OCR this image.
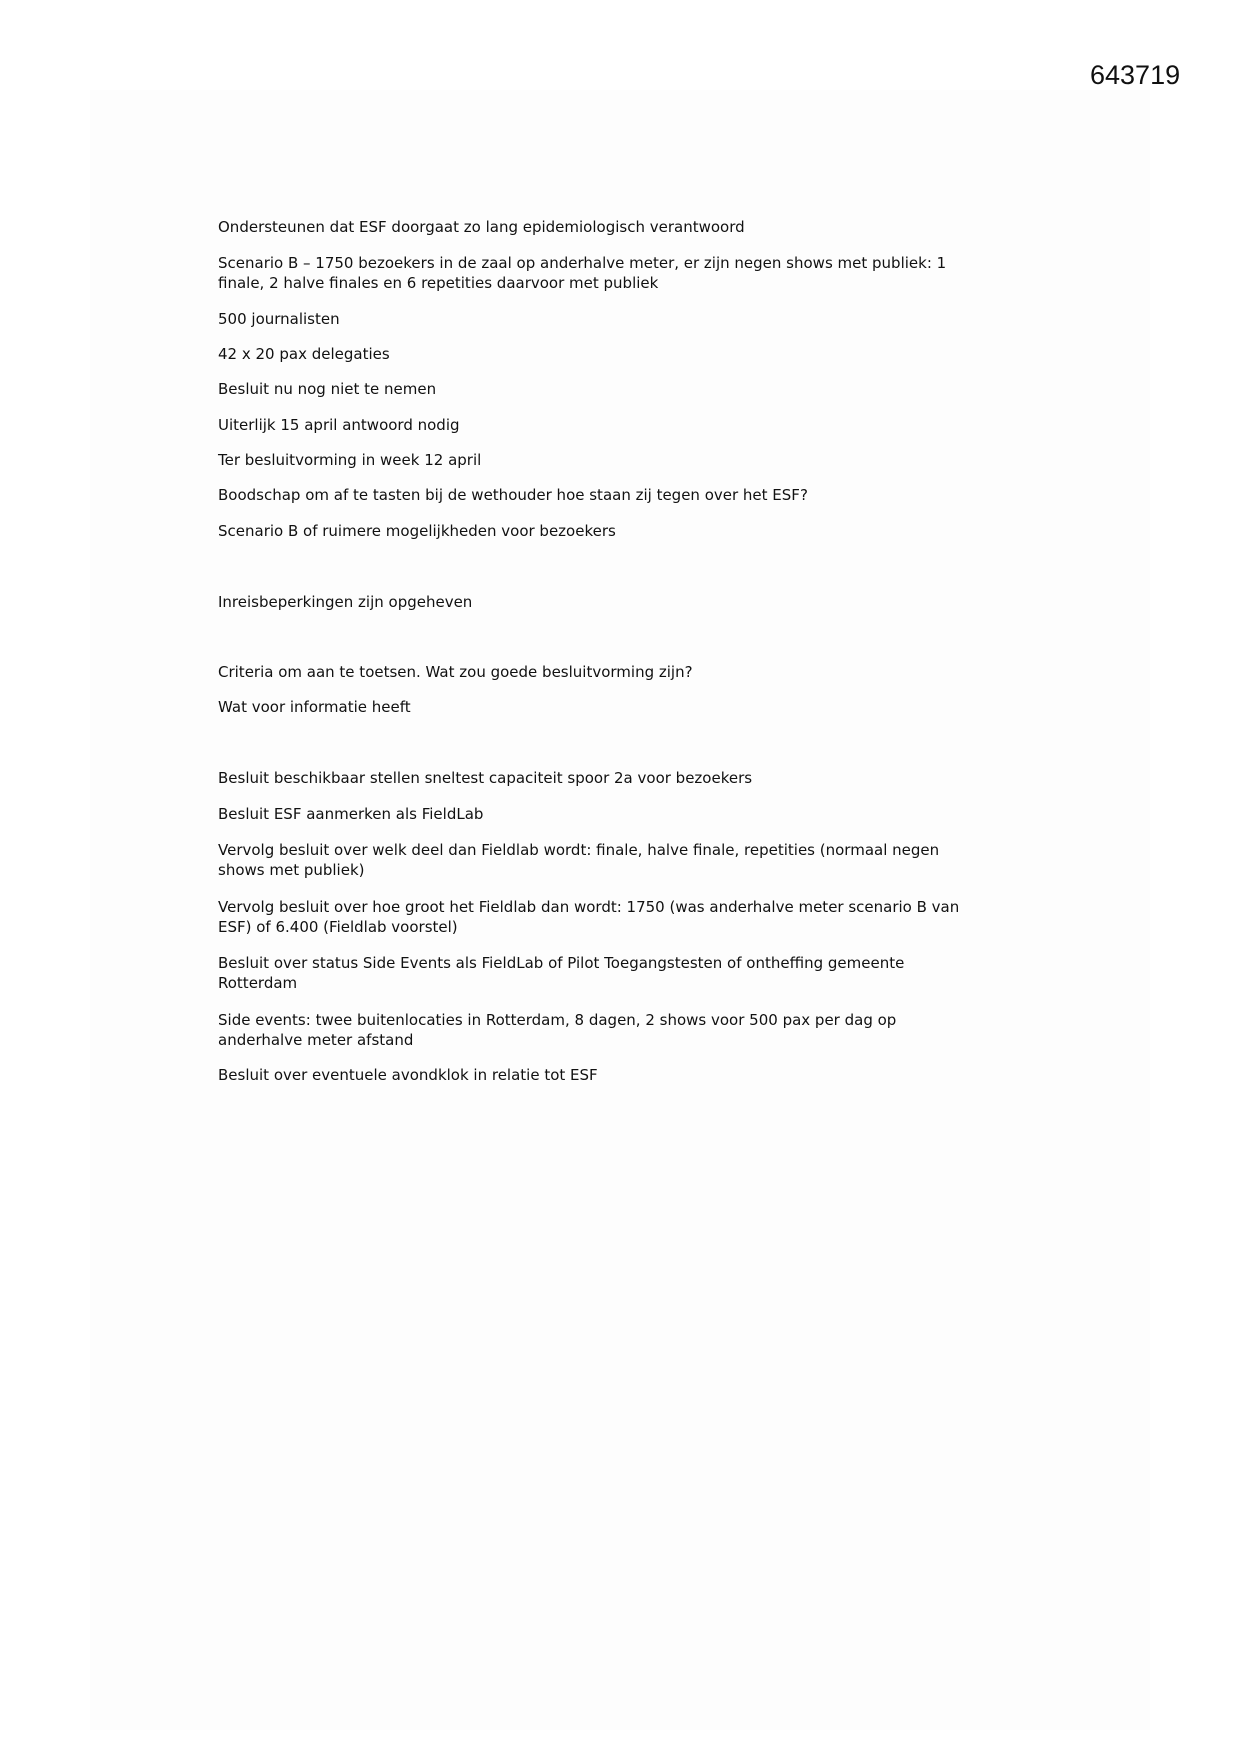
643719
Ondersteunen dat ESF doorgaat zo lang epidemiologisch verantwoord
Scenario B – 1750 bezoekers in de zaal op anderhalve meter, er zijn negen shows met publiek: 1
finale, 2 halve finales en 6 repetities daarvoor met publiek
500 journalisten
42 x 20 pax delegaties
Besluit nu nog niet te nemen
Uiterlijk 15 april antwoord nodig
Ter besluitvorming in week 12 april
Boodschap om af te tasten bij de wethouder hoe staan zij tegen over het ESF?
Scenario B of ruimere mogelijkheden voor bezoekers
Inreisbeperkingen zijn opgeheven
Criteria om aan te toetsen. Wat zou goede besluitvorming zijn?
Wat voor informatie heeft
Besluit beschikbaar stellen sneltest capaciteit spoor 2a voor bezoekers
Besluit ESF aanmerken als FieldLab
Vervolg besluit over welk deel dan Fieldlab wordt: finale, halve finale, repetities (normaal negen
shows met publiek)
Vervolg besluit over hoe groot het Fieldlab dan wordt: 1750 (was anderhalve meter scenario B van
ESF) of 6.400 (Fieldlab voorstel)
Besluit over status Side Events als FieldLab of Pilot Toegangstesten of ontheffing gemeente
Rotterdam
Side events: twee buitenlocaties in Rotterdam, 8 dagen, 2 shows voor 500 pax per dag op
anderhalve meter afstand
Besluit over eventuele avondklok in relatie tot ESF
